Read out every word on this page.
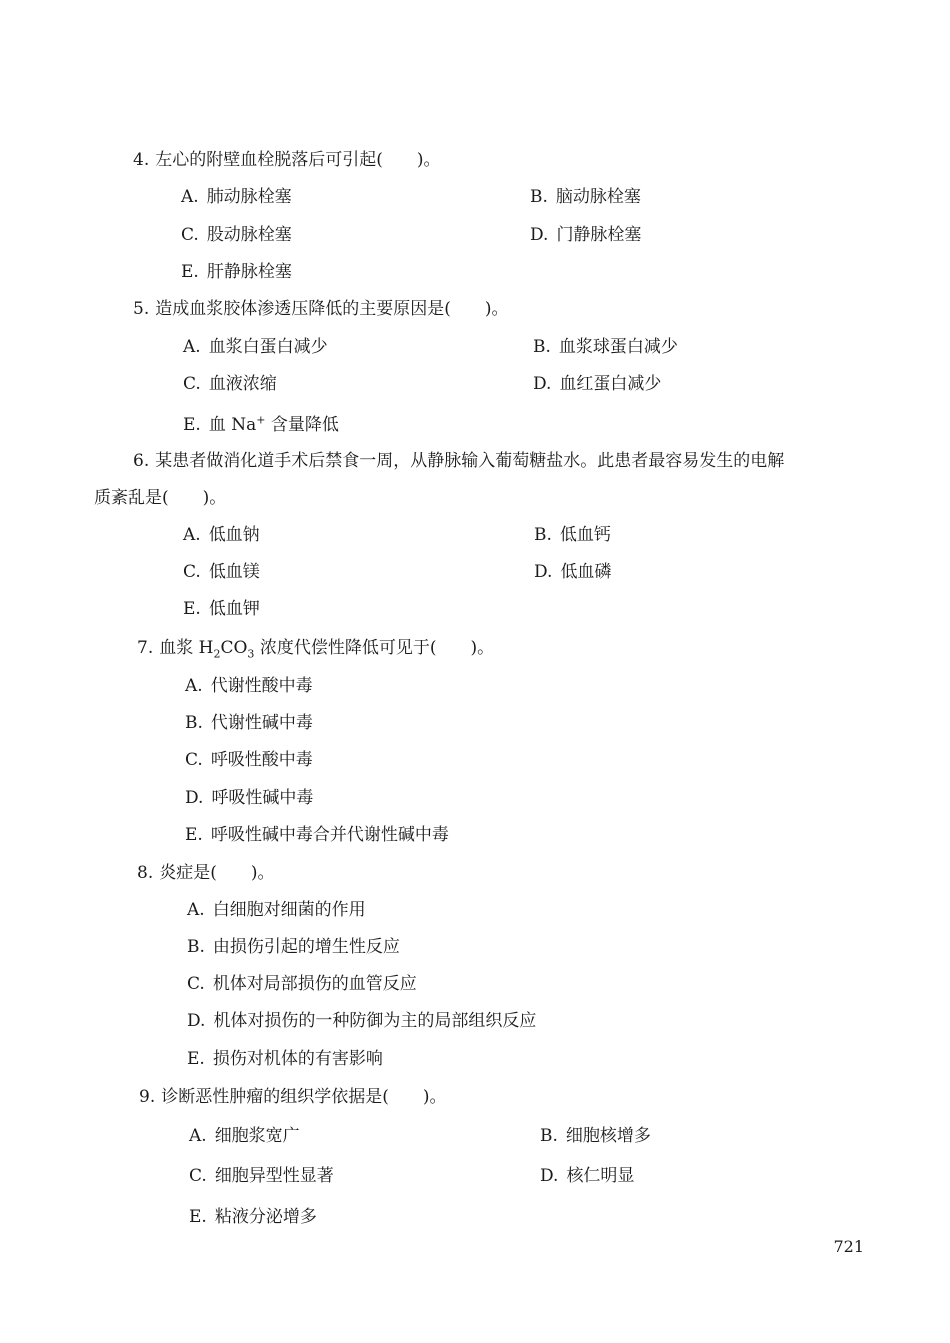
4. 左心的附壁血栓脱落后可引起(　　)。
A. 肺动脉栓塞	B. 脑动脉栓塞
C. 股动脉栓塞	D. 门静脉栓塞
E. 肝静脉栓塞
5. 造成血浆胶体渗透压降低的主要原因是(　　)。
A. 血浆白蛋白减少	B. 血浆球蛋白减少
C. 血液浓缩	D. 血红蛋白减少
E. 血 Na+ 含量降低
6. 某患者做消化道手术后禁食一周，从静脉输入葡萄糖盐水。此患者最容易发生的电解
质紊乱是(　　)。
A. 低血钠	B. 低血钙
C. 低血镁	D. 低血磷
E. 低血钾
7. 血浆 $H_2CO_3$ 浓度代偿性降低可见于(　　)。
A. 代谢性酸中毒
B. 代谢性碱中毒
C. 呼吸性酸中毒
D. 呼吸性碱中毒
E. 呼吸性碱中毒合并代谢性碱中毒
8. 炎症是(　　)。
A. 白细胞对细菌的作用
B. 由损伤引起的增生性反应
C. 机体对局部损伤的血管反应
D. 机体对损伤的一种防御为主的局部组织反应
E. 损伤对机体的有害影响
9. 诊断恶性肿瘤的组织学依据是(　　)。
A. 细胞浆宽广	B. 细胞核增多
C. 细胞异型性显著	D. 核仁明显
E. 粘液分泌增多
721
